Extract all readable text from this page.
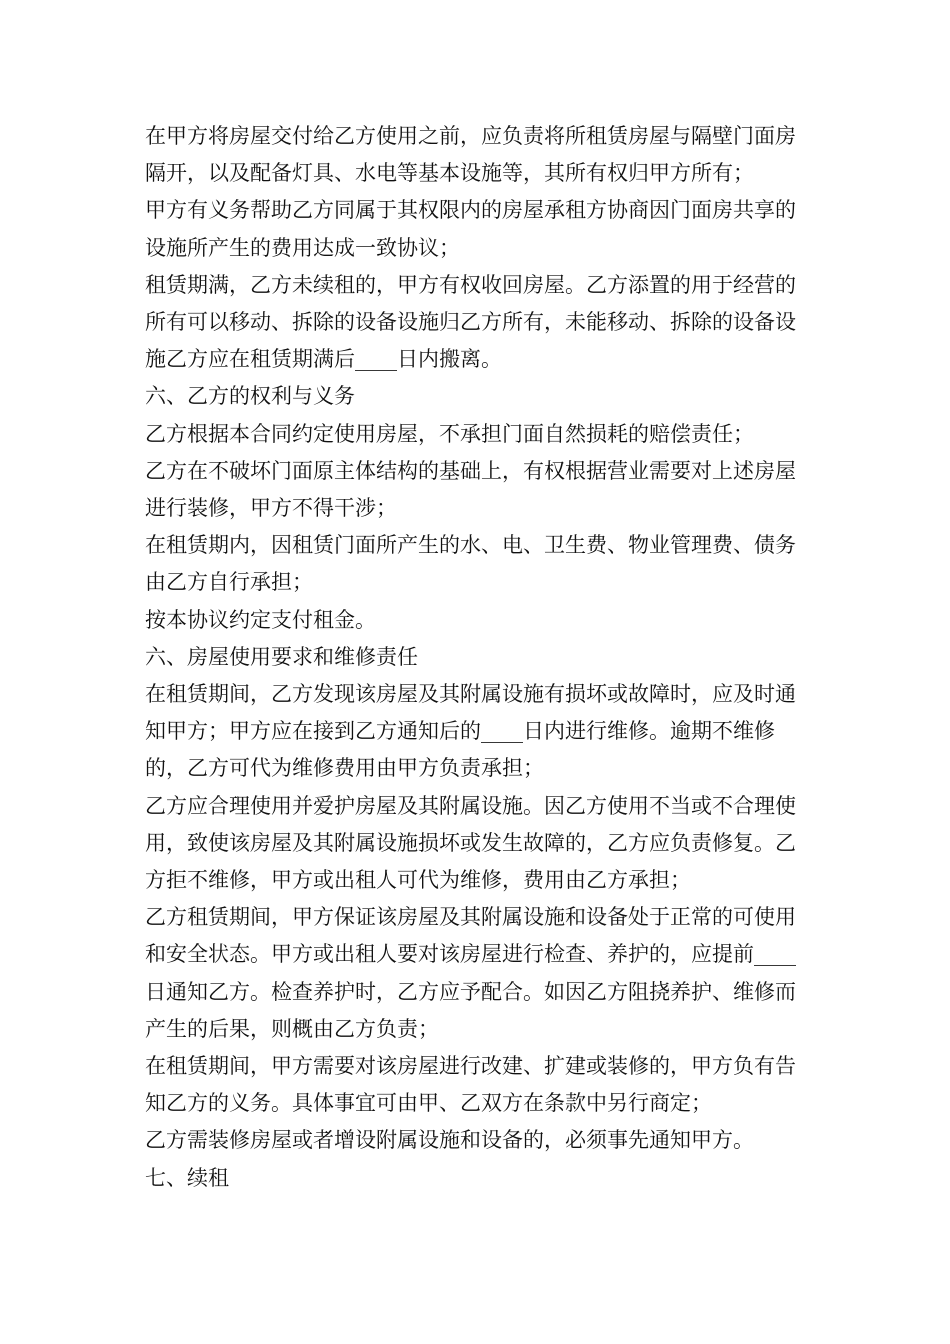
在甲方将房屋交付给乙方使用之前，应负责将所租赁房屋与隔壁门面房隔开，以及配备灯具、水电等基本设施等，其所有权归甲方所有；

甲方有义务帮助乙方同属于其权限内的房屋承租方协商因门面房共享的设施所产生的费用达成一致协议；

租赁期满，乙方未续租的，甲方有权收回房屋。乙方添置的用于经营的所有可以移动、拆除的设备设施归乙方所有，未能移动、拆除的设备设施乙方应在租赁期满后____日内搬离。

六、乙方的权利与义务

乙方根据本合同约定使用房屋，不承担门面自然损耗的赔偿责任；

乙方在不破坏门面原主体结构的基础上，有权根据营业需要对上述房屋进行装修，甲方不得干涉；

在租赁期内，因租赁门面所产生的水、电、卫生费、物业管理费、债务由乙方自行承担；

按本协议约定支付租金。

六、房屋使用要求和维修责任

在租赁期间，乙方发现该房屋及其附属设施有损坏或故障时，应及时通知甲方；甲方应在接到乙方通知后的____日内进行维修。逾期不维修的，乙方可代为维修费用由甲方负责承担；

乙方应合理使用并爱护房屋及其附属设施。因乙方使用不当或不合理使用，致使该房屋及其附属设施损坏或发生故障的，乙方应负责修复。乙方拒不维修，甲方或出租人可代为维修，费用由乙方承担；

乙方租赁期间，甲方保证该房屋及其附属设施和设备处于正常的可使用和安全状态。甲方或出租人要对该房屋进行检查、养护的，应提前____日通知乙方。检查养护时，乙方应予配合。如因乙方阻挠养护、维修而产生的后果，则概由乙方负责；

在租赁期间，甲方需要对该房屋进行改建、扩建或装修的，甲方负有告知乙方的义务。具体事宜可由甲、乙双方在条款中另行商定；

乙方需装修房屋或者增设附属设施和设备的，必须事先通知甲方。

七、续租
